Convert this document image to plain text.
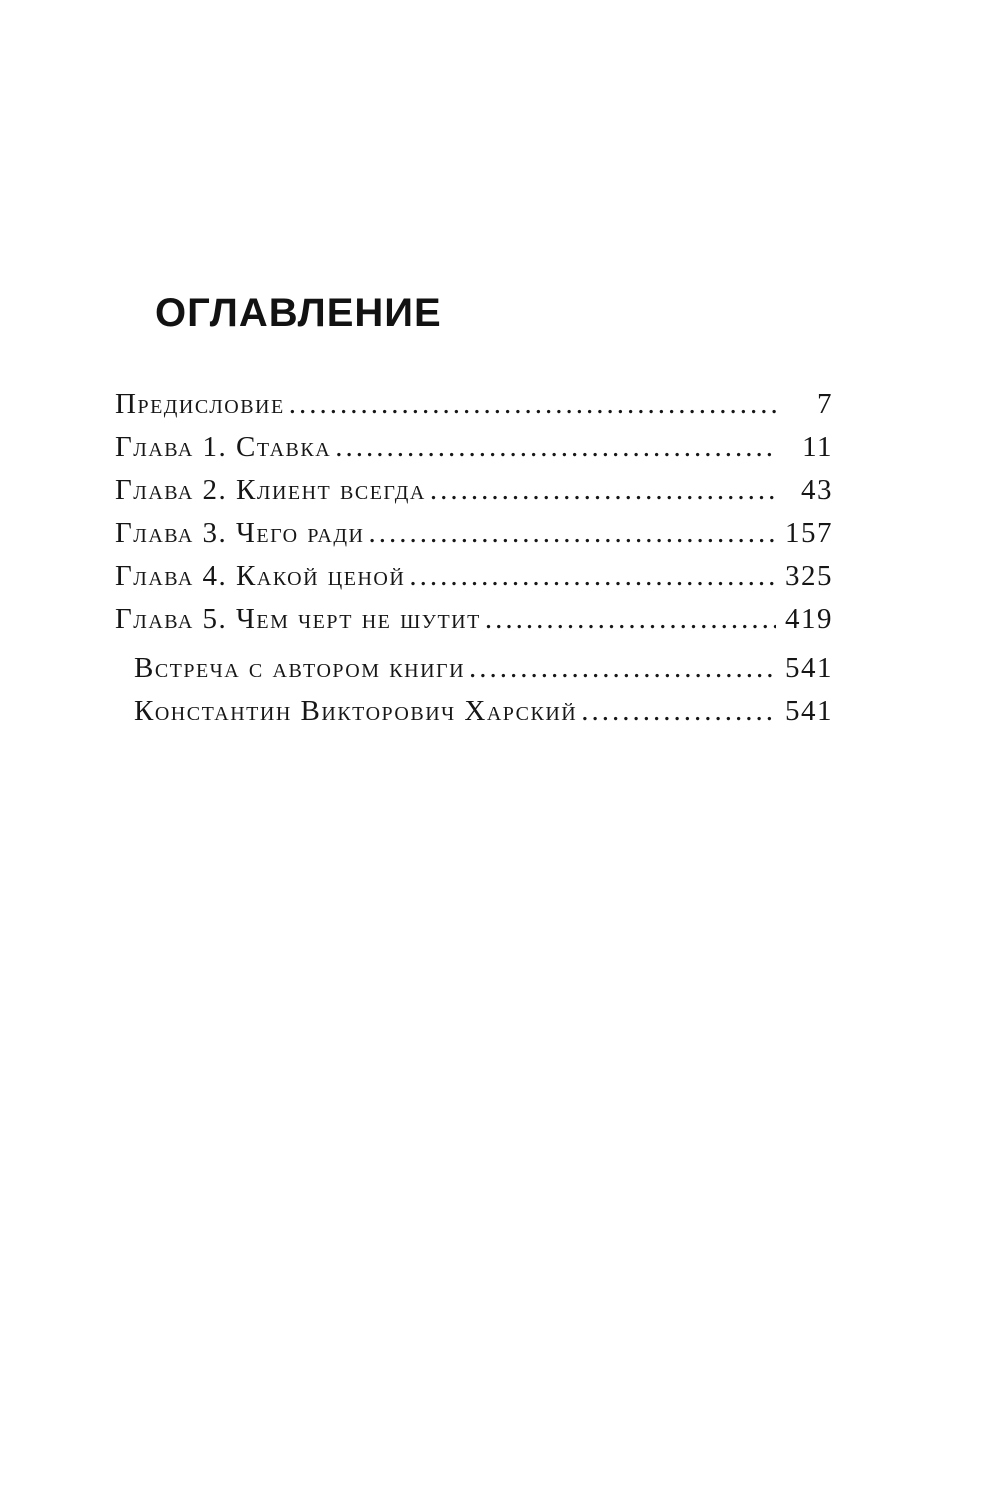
ОГЛАВЛЕНИЕ
Предисловие .....	7
Глава 1. Ставка .....	11
Глава 2. Клиент всегда .....	43
Глава 3. Чего ради .....	157
Глава 4. Какой ценой .....	325
Глава 5. Чем черт не шутит .....	419
Встреча с автором книги .....	541
Константин Викторович Харский .....	541
